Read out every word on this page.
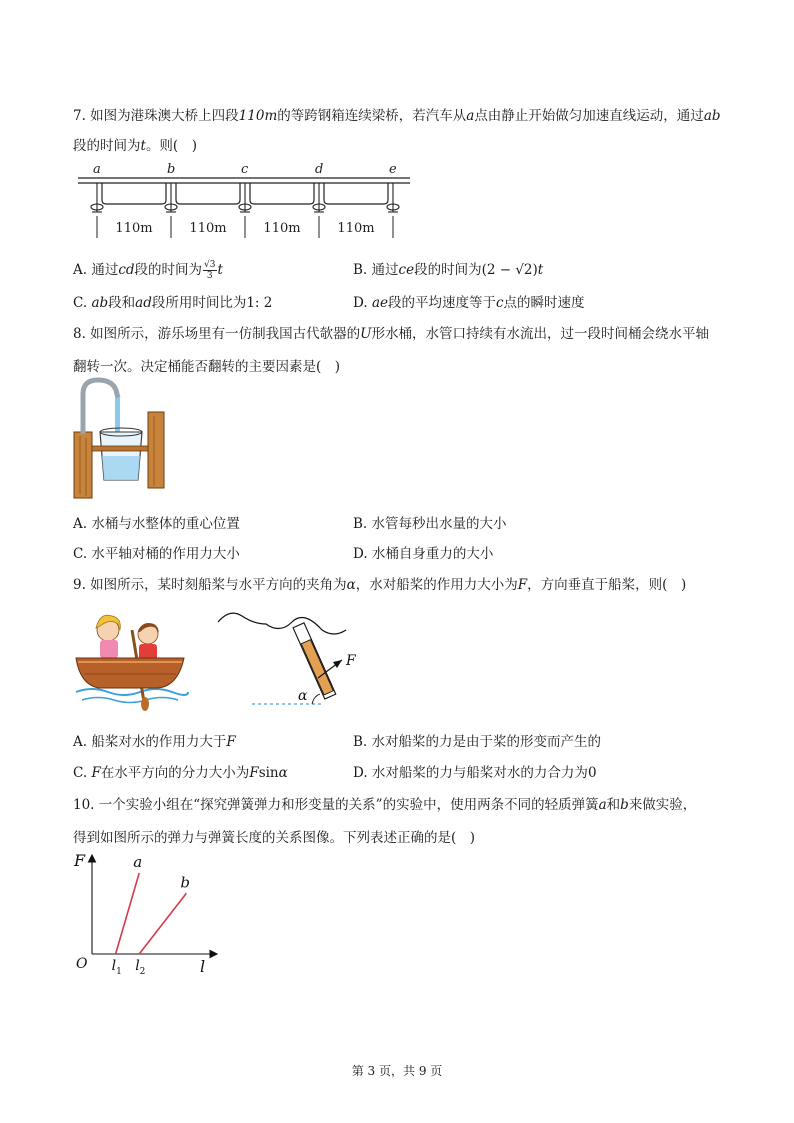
7. 如图为港珠澳大桥上四段110m的等跨钢箱连续梁桥，若汽车从a点由静止开始做匀加速直线运动，通过ab
段的时间为t。则(　)
a	b	c	d	e
110m	110m	110m	110m
A. 通过cd段的时间为 $\frac{√3}{3}$ t	B. 通过ce段的时间为(2 − √2)t
C. ab段和ad段所用时间比为1: 2	D. ae段的平均速度等于c点的瞬时速度
8. 如图所示，游乐场里有一仿制我国古代欹器的U形水桶，水管口持续有水流出，过一段时间桶会绕水平轴
翻转一次。决定桶能否翻转的主要因素是(　)
A. 水桶与水整体的重心位置	B. 水管每秒出水量的大小
C. 水平轴对桶的作用力大小	D. 水桶自身重力的大小
9. 如图所示，某时刻船桨与水平方向的夹角为α，水对船桨的作用力大小为F，方向垂直于船桨，则(　)
F
α
A. 船桨对水的作用力大于F	B. 水对船桨的力是由于桨的形变而产生的
C. F在水平方向的分力大小为Fsinα	D. 水对船桨的力与船桨对水的力合力为0
10. 一个实验小组在“探究弹簧弹力和形变量的关系”的实验中，使用两条不同的轻质弹簧a和b来做实验，
得到如图所示的弹力与弹簧长度的关系图像。下列表述正确的是(　)
F
l
O
a
b
$l_1$ $l_2$
第 3 页，共 9 页
